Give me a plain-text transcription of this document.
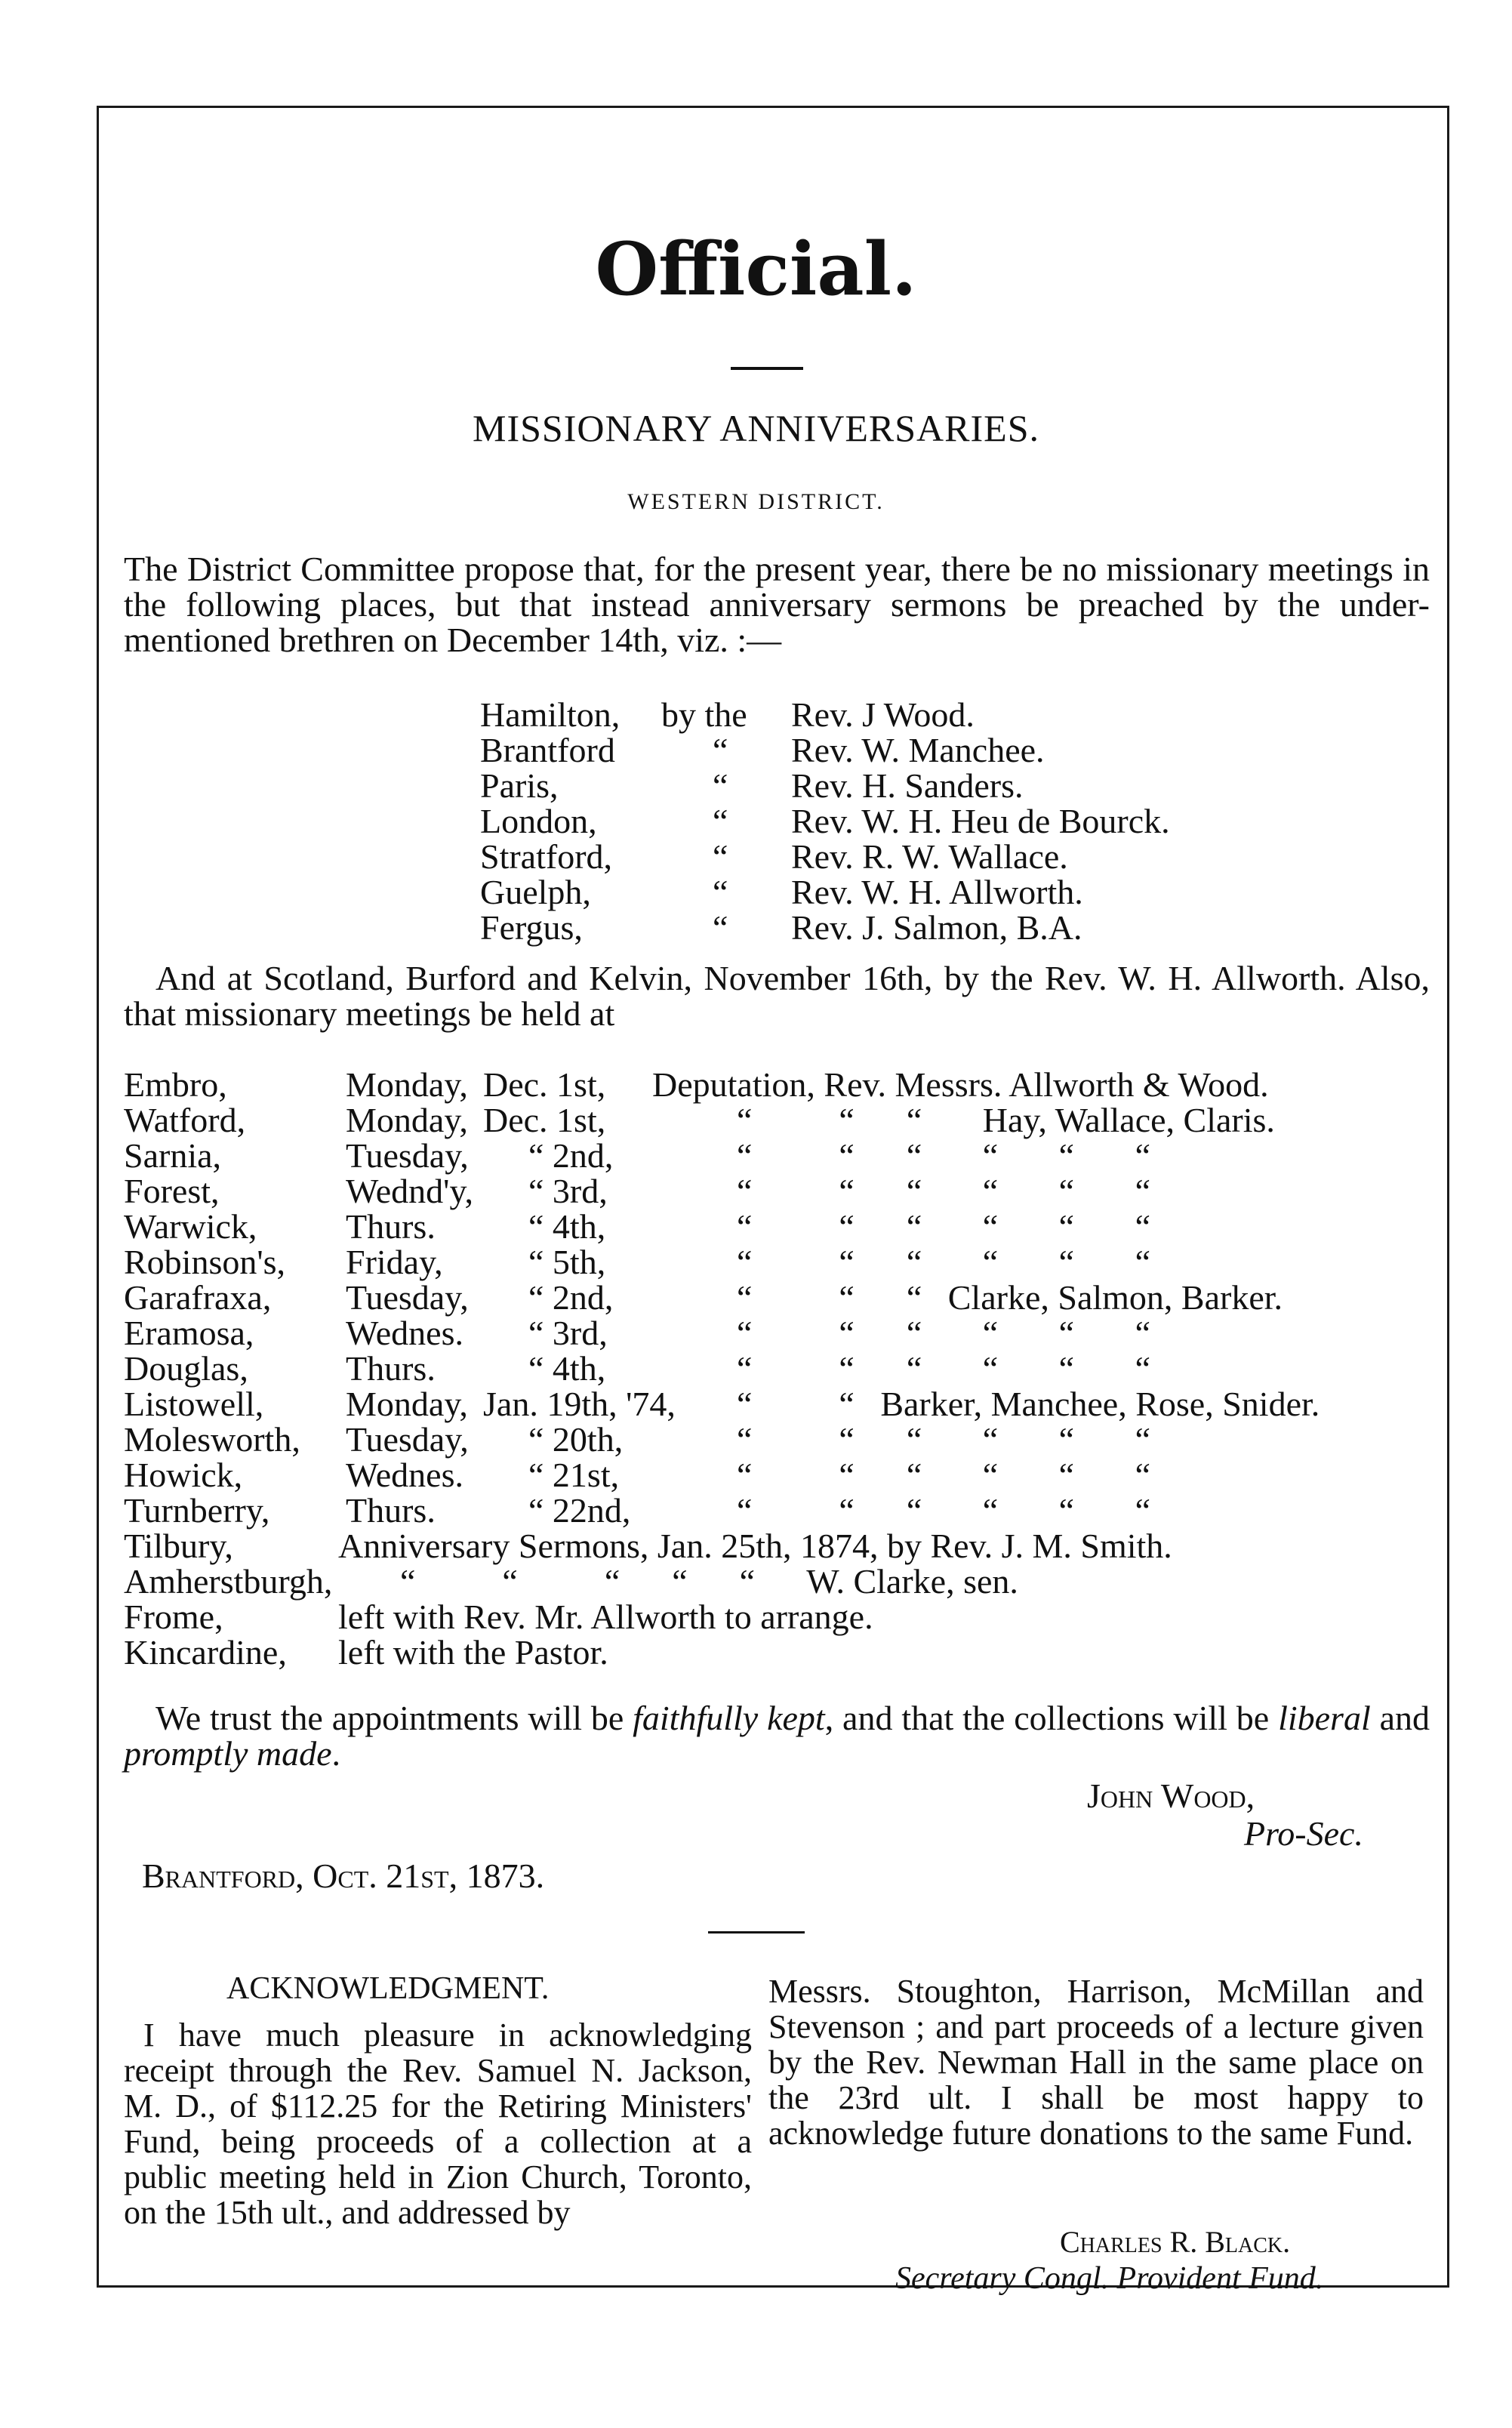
Official.
MISSIONARY ANNIVERSARIES.
WESTERN DISTRICT.
The District Committee propose that, for the present year, there be no missionary meetings in the following places, but that instead anniversary sermons be preached by the under-mentioned brethren on December 14th, viz. :—
Hamilton, by the Rev. J Wood.
Brantford	“ Rev. W. Manchee.
Paris,	“ Rev. H. Sanders.
London,	“ Rev. W. H. Heu de Bourck.
Stratford,	“ Rev. R. W. Wallace.
Guelph,	“ Rev. W. H. Allworth.
Fergus,	“ Rev. J. Salmon, B.A.
And at Scotland, Burford and Kelvin, November 16th, by the Rev. W. H. Allworth. Also, that missionary meetings be held at
Embro,	Monday, Dec. 1st, Deputation, Rev. Messrs. Allworth & Wood.
Watford,	Monday, Dec. 1st,	“          “      “       Hay, Wallace, Claris.
Sarnia,	Tuesday, “ 2nd,	“          “      “       “       “       “
Forest,	Wednd'y, “ 3rd,	“          “      “       “       “       “
Warwick,	Thurs.	“ 4th,	“          “      “       “       “       “
Robinson's, Friday, “ 5th,	“          “      “       “       “       “
Garafraxa, Tuesday, “ 2nd,	“          “      “   Clarke, Salmon, Barker.
Eramosa,	Wednes. “ 3rd,	“          “      “       “       “       “
Douglas,	Thurs.	“ 4th,	“          “      “       “       “       “
Listowell, Monday, Jan. 19th, '74, “          “   Barker, Manchee, Rose, Snider.
Molesworth, Tuesday, “ 20th,	“          “      “       “       “       “
Howick,	Wednes. “ 21st,	“          “      “       “       “       “
Turnberry, Thurs.	“ 22nd,	“          “      “       “       “       “
Tilbury,	Anniversary Sermons, Jan. 25th, 1874, by Rev. J. M. Smith.
Amherstburgh, “          “          “      “      “      W. Clarke, sen.
Frome,	left with Rev. Mr. Allworth to arrange.
Kincardine, left with the Pastor.
We trust the appointments will be faithfully kept, and that the collections will be liberal and promptly made.
John Wood,
Pro-Sec.
Brantford, Oct. 21st, 1873.
ACKNOWLEDGMENT.
I have much pleasure in acknowledging receipt through the Rev. Samuel N. Jackson, M. D., of $112.25 for the Retiring Ministers' Fund, being proceeds of a collection at a public meeting held in Zion Church, Toronto, on the 15th ult., and addressed by
Messrs. Stoughton, Harrison, McMillan and Stevenson ; and part proceeds of a lecture given by the Rev. Newman Hall in the same place on the 23rd ult. I shall be most happy to acknowledge future donations to the same Fund.
Charles R. Black.
Secretary Congl. Provident Fund.
